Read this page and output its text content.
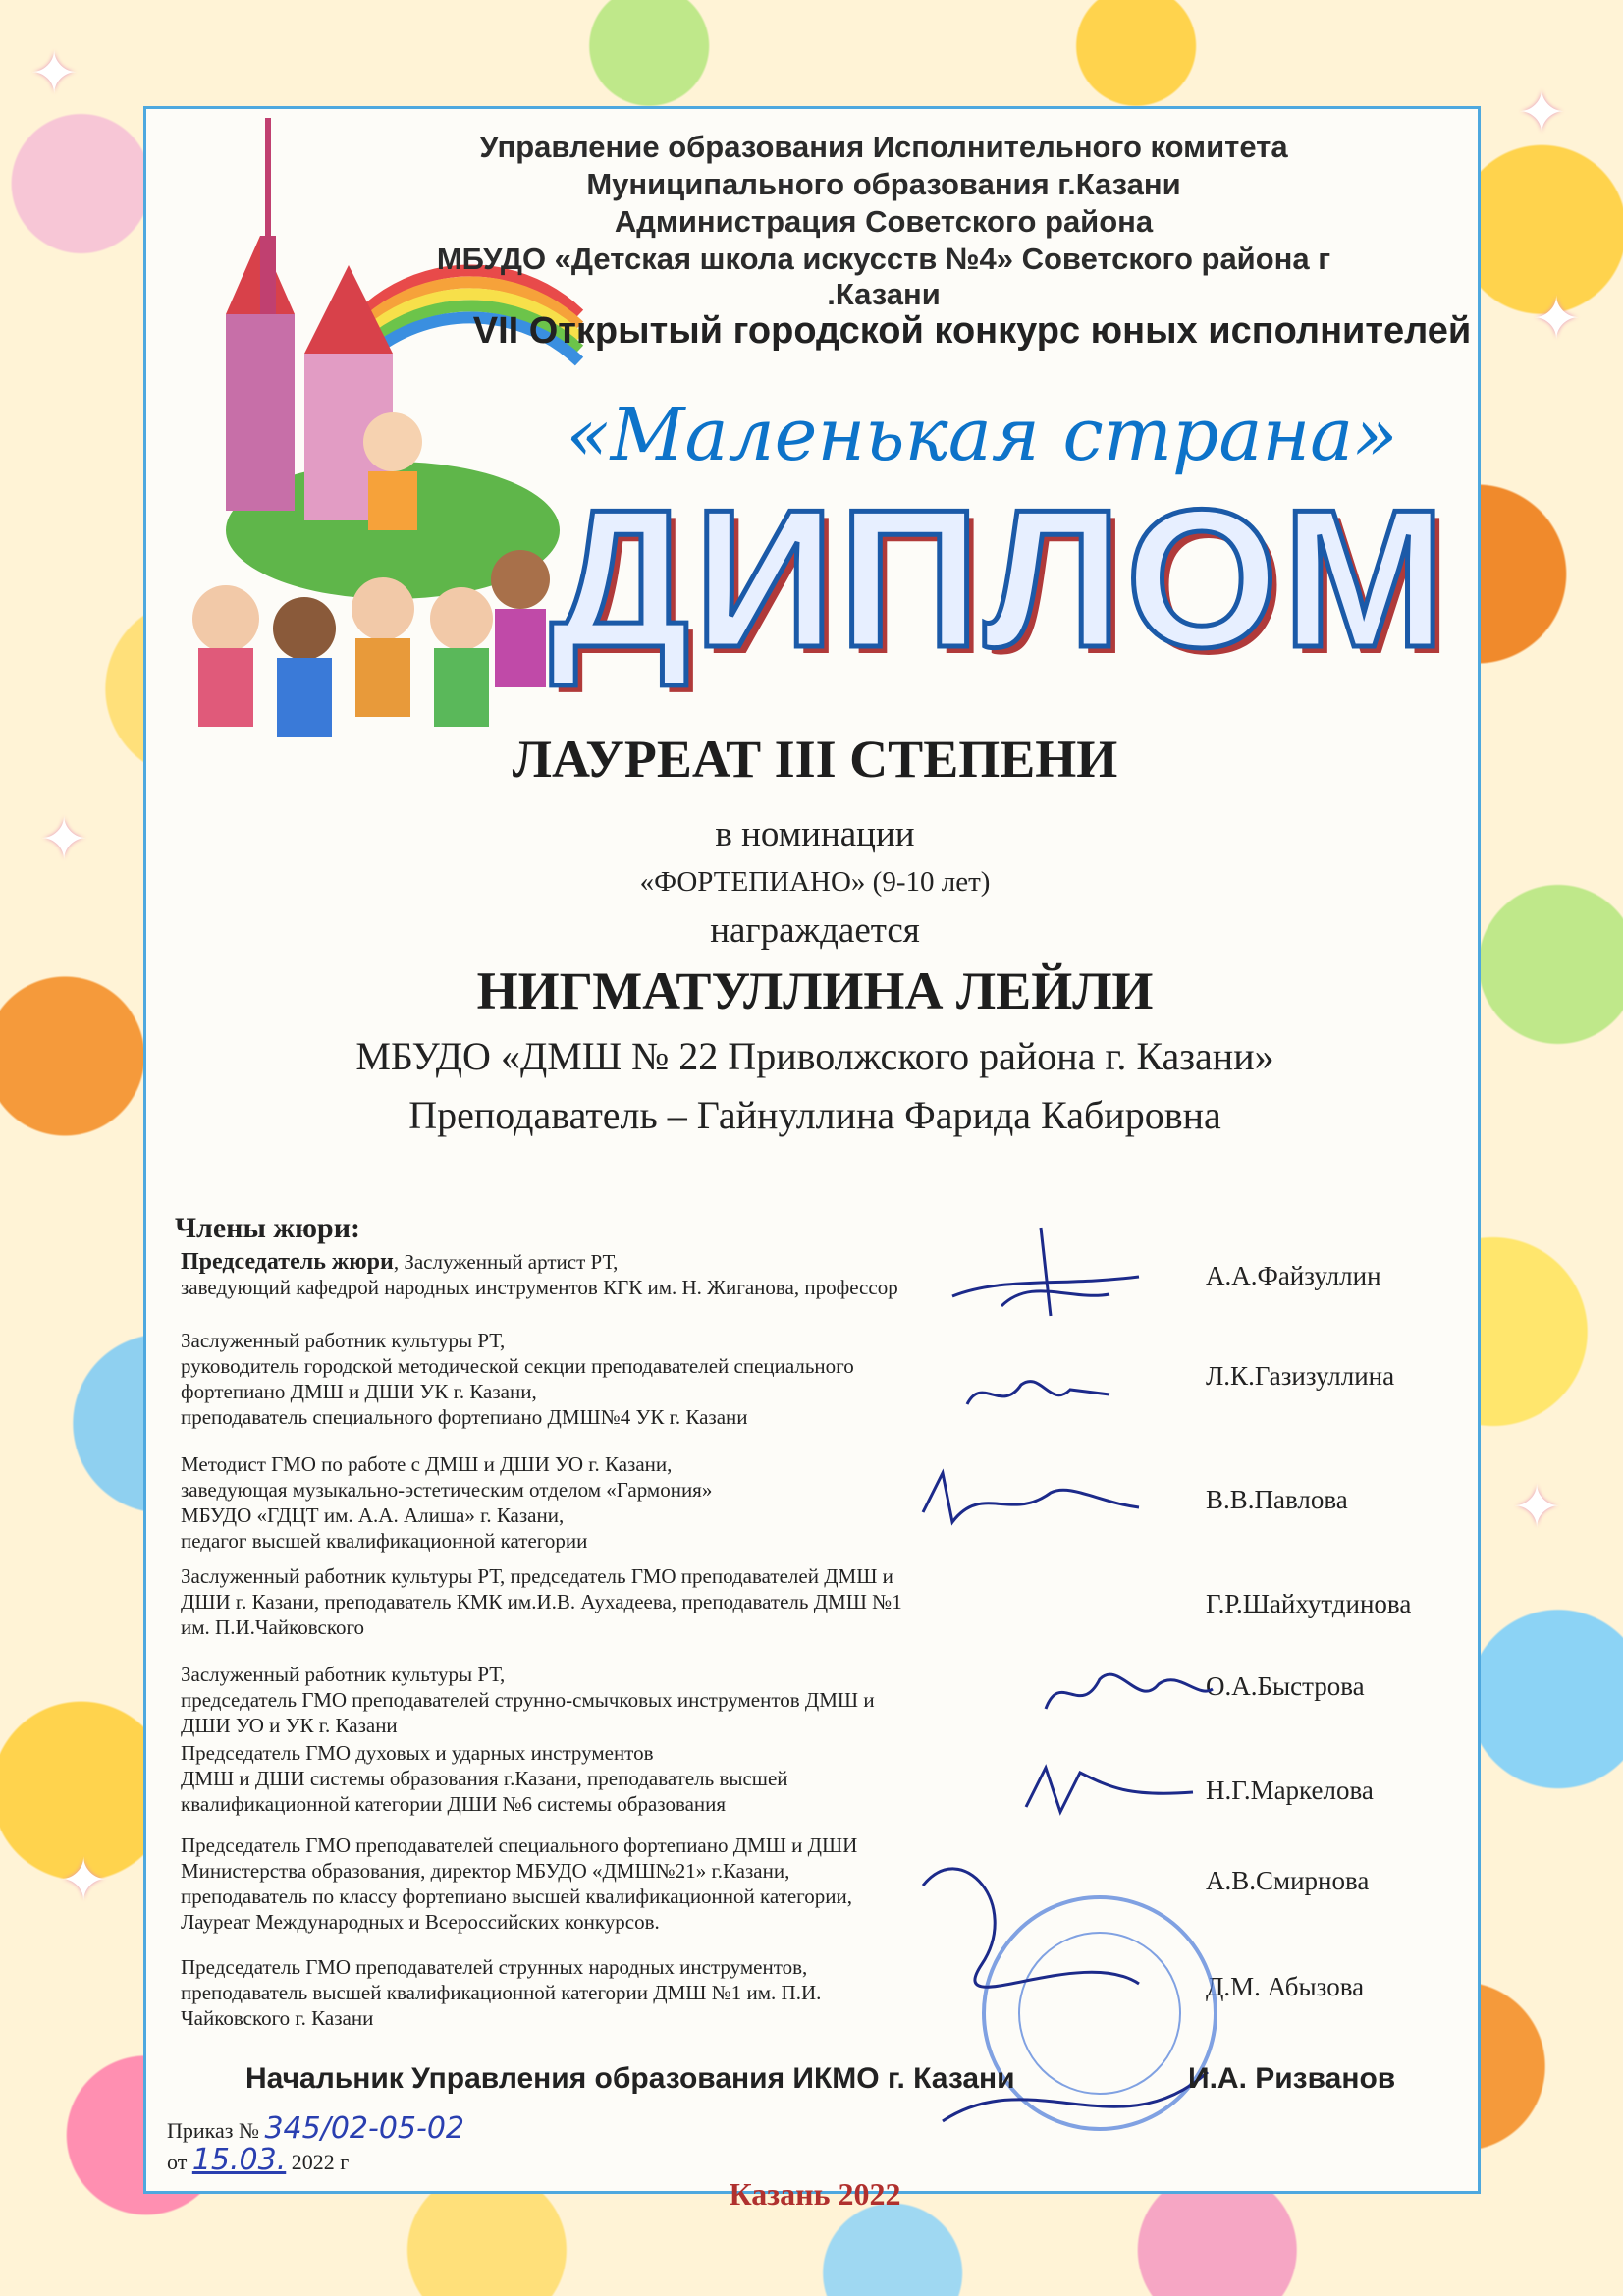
✦
✦
✦
✦
✦
✦
Управление образования Исполнительного комитета
Муниципального образования г.Казани
Администрация Советского района
МБУДО «Детская школа искусств №4» Советского района г .Казани
VII Открытый городской конкурс юных исполнителей
«Маленькая страна»
ДИПЛОМ
ЛАУРЕАТ III СТЕПЕНИ
в номинации
«ФОРТЕПИАНО» (9-10 лет)
награждается
НИГМАТУЛЛИНА ЛЕЙЛИ
МБУДО «ДМШ № 22 Приволжского района г. Казани»
Преподаватель – Гайнуллина Фарида Кабировна
Члены жюри:
Председатель жюри, Заслуженный артист РТ,
заведующий кафедрой народных инструментов КГК им. Н. Жиганова, профессор	А.А.Файзуллин
Заслуженный работник культуры РТ,
руководитель городской методической секции преподавателей специального
фортепиано ДМШ и ДШИ УК г. Казани,
преподаватель специального фортепиано ДМШ№4 УК г. Казани
Л.К.Газизуллина
Методист ГМО по работе с ДМШ и ДШИ УО г. Казани,
заведующая музыкально-эстетическим отделом «Гармония»
МБУДО «ГДЦТ им. А.А. Алиша» г. Казани,
педагог высшей квалификационной категории
В.В.Павлова
Заслуженный работник культуры РТ, председатель ГМО преподавателей ДМШ и
ДШИ г. Казани, преподаватель КМК им.И.В. Аухадеева, преподаватель ДМШ №1
им. П.И.Чайковского
Г.Р.Шайхутдинова
Заслуженный работник культуры РТ,
председатель ГМО преподавателей струнно-смычковых инструментов ДМШ и
ДШИ УО и УК г. Казани
О.А.Быстрова
Председатель ГМО духовых и ударных инструментов
ДМШ и ДШИ системы образования г.Казани, преподаватель высшей
квалификационной категории ДШИ №6 системы образования	Н.Г.Маркелова
Председатель ГМО преподавателей специального фортепиано ДМШ и ДШИ
Министерства образования, директор МБУДО «ДМШ№21» г.Казани,
преподаватель по классу фортепиано высшей квалификационной категории,
Лауреат Международных и Всероссийских конкурсов.
А.В.Смирнова
Председатель ГМО преподавателей струнных народных инструментов,
преподаватель высшей квалификационной категории ДМШ №1 им. П.И.
Чайковского г. Казани
Д.М. Абызова
Начальник Управления образования ИКМО г. Казани	И.А. Ризванов
Приказ № 345/02-05-02
от 15.03. 2022 г
Казань 2022
